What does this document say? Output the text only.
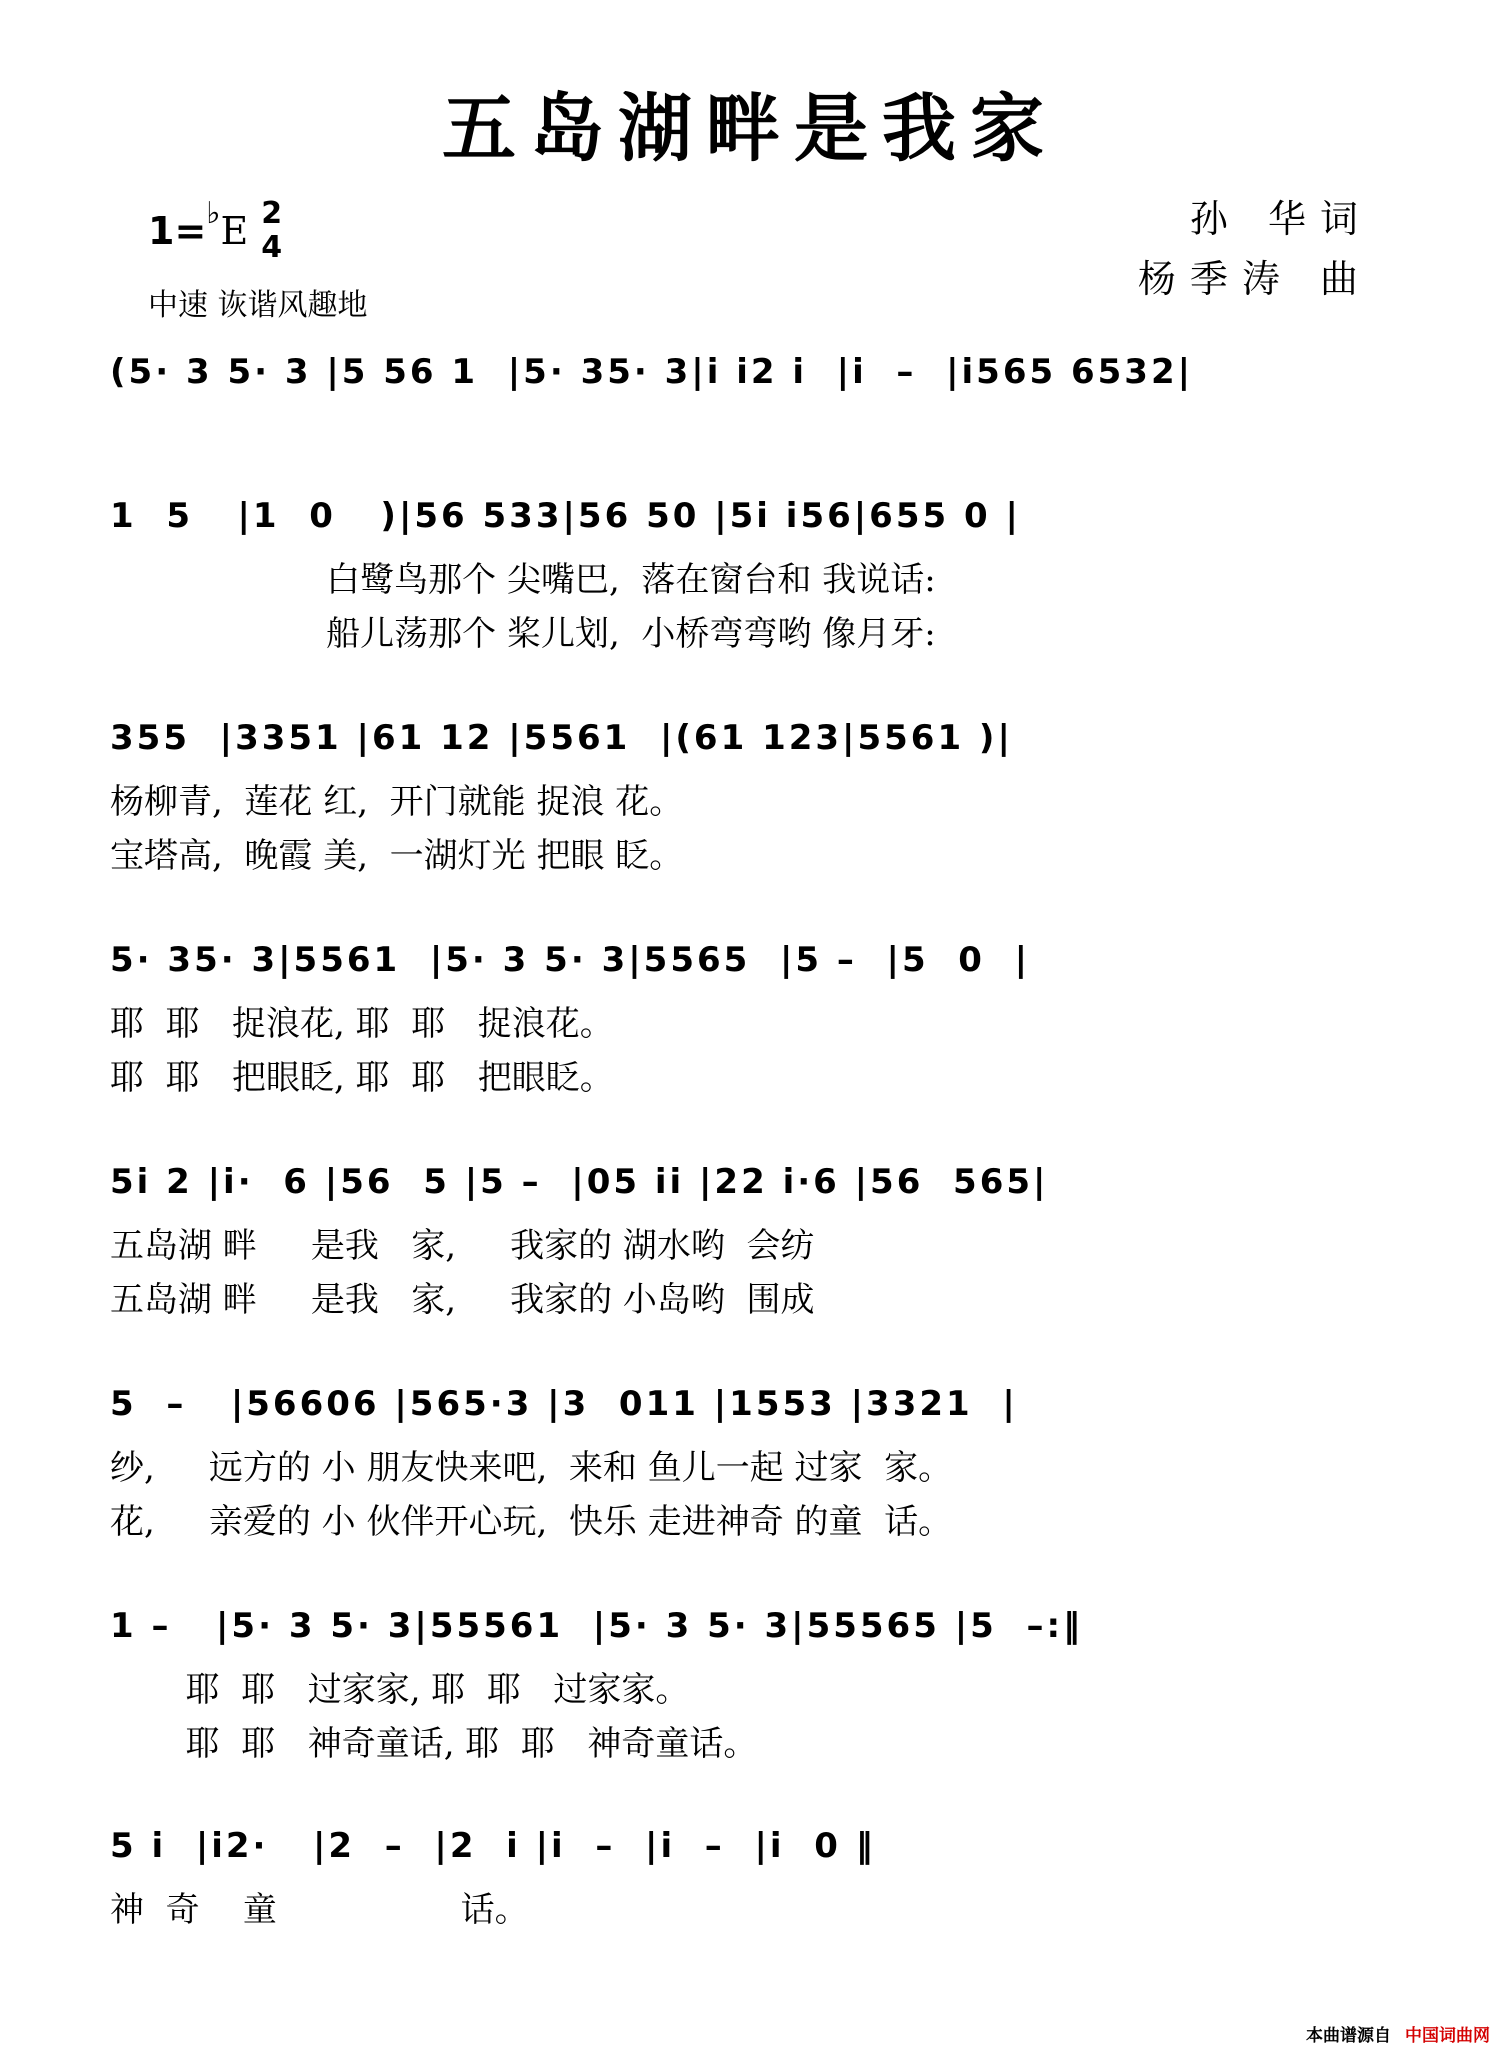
五岛湖畔是我家
1=♭E 2
4
中速 诙谐风趣地
孙 华词
杨季涛 曲
(5· 3 5· 3 |5 56 1  |5· 35· 3|i i2 i  |i  –  |i565 6532|
1  5   |1  0   )|56 533|56 50 |5i i56|655 0 |
白鹭鸟那个 尖嘴巴,  落在窗台和 我说话:
船儿荡那个 桨儿划,  小桥弯弯哟 像月牙:
355  |3351 |61 12 |5561  |(61 123|5561 )|
杨柳青,  莲花 红,  开门就能 捉浪 花。
宝塔高,  晚霞 美,  一湖灯光 把眼 眨。
5· 35· 3|5561  |5· 3 5· 3|5565  |5 –  |5  0  |
耶  耶   捉浪花, 耶  耶   捉浪花。
耶  耶   把眼眨, 耶  耶   把眼眨。
5i 2 |i·  6 |56  5 |5 –  |05 ii |22 i·6 |56  565|
五岛湖 畔     是我   家,     我家的 湖水哟  会纺
五岛湖 畔     是我   家,     我家的 小岛哟  围成
5  –   |56606 |565·3 |3  011 |1553 |3321  |
纱,     远方的 小 朋友快来吧,  来和 鱼儿一起 过家  家。
花,     亲爱的 小 伙伴开心玩,  快乐 走进神奇 的童  话。
1 –   |5· 3 5· 3|55561  |5· 3 5· 3|55565 |5  –:‖
耶  耶   过家家, 耶  耶   过家家。
耶  耶   神奇童话, 耶  耶   神奇童话。
5 i  |i2·   |2  –  |2  i |i  –  |i  –  |i  0 ‖
神  奇    童                 话。
本曲谱源自 中国词曲网
